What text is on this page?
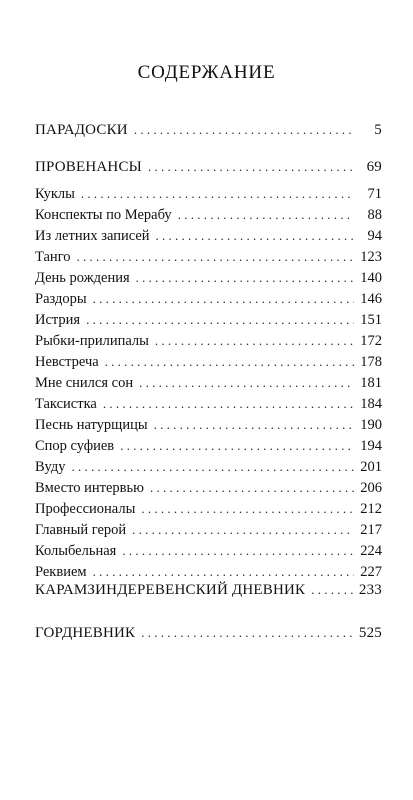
СОДЕРЖАНИЕ
ПАРАДОСКИ . . .	5
ПРОВЕНАНСЫ . . .	69
Куклы . . .	71
Конспекты по Мерабу . . .	88
Из летних записей . . .	94
Танго . . .	123
День рождения . . .	140
Раздоры . . .	146
Истрия . . .	151
Рыбки-прилипалы . . .	172
Невстреча . . .	178
Мне снился сон . . .	181
Таксистка . . .	184
Песнь натурщицы . . .	190
Спор суфиев . . .	194
Вуду . . .	201
Вместо интервью . . .	206
Профессионалы . . .	212
Главный герой . . .	217
Колыбельная . . .	224
Реквием . . .	227
КАРАМЗИНДЕРЕВЕНСКИЙ ДНЕВНИК . . .	233
ГОРДНЕВНИК . . .	525
